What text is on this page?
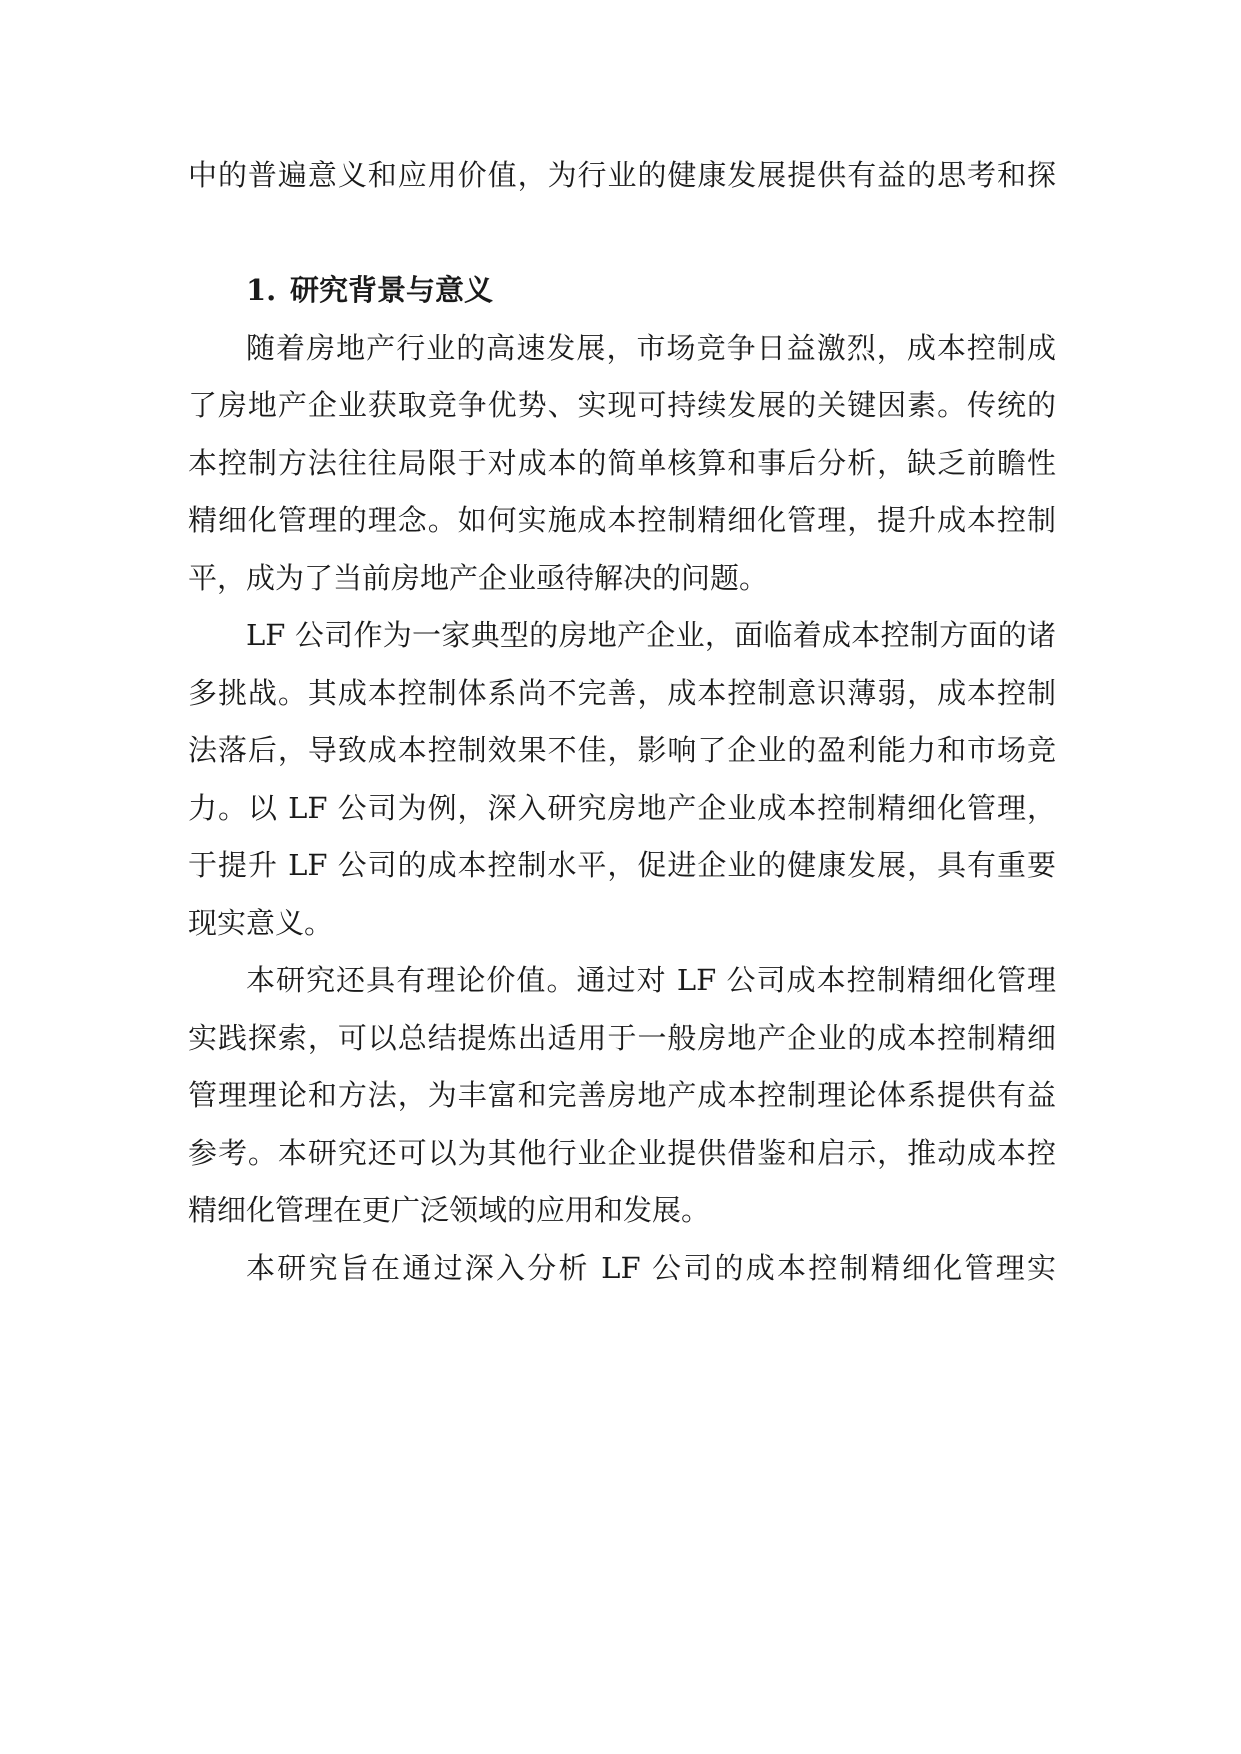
中的普遍意义和应用价值，为行业的健康发展提供有益的思考和探
1. 研究背景与意义
随着房地产行业的高速发展，市场竞争日益激烈，成本控制成
了房地产企业获取竞争优势、实现可持续发展的关键因素。传统的
本控制方法往往局限于对成本的简单核算和事后分析，缺乏前瞻性
精细化管理的理念。如何实施成本控制精细化管理，提升成本控制
平，成为了当前房地产企业亟待解决的问题。
LF 公司作为一家典型的房地产企业，面临着成本控制方面的诸
多挑战。其成本控制体系尚不完善，成本控制意识薄弱，成本控制
法落后，导致成本控制效果不佳，影响了企业的盈利能力和市场竞
力。以 LF 公司为例，深入研究房地产企业成本控制精细化管理，
于提升 LF 公司的成本控制水平，促进企业的健康发展，具有重要
现实意义。
本研究还具有理论价值。通过对 LF 公司成本控制精细化管理
实践探索，可以总结提炼出适用于一般房地产企业的成本控制精细
管理理论和方法，为丰富和完善房地产成本控制理论体系提供有益
参考。本研究还可以为其他行业企业提供借鉴和启示，推动成本控
精细化管理在更广泛领域的应用和发展。
本研究旨在通过深入分析 LF 公司的成本控制精细化管理实
